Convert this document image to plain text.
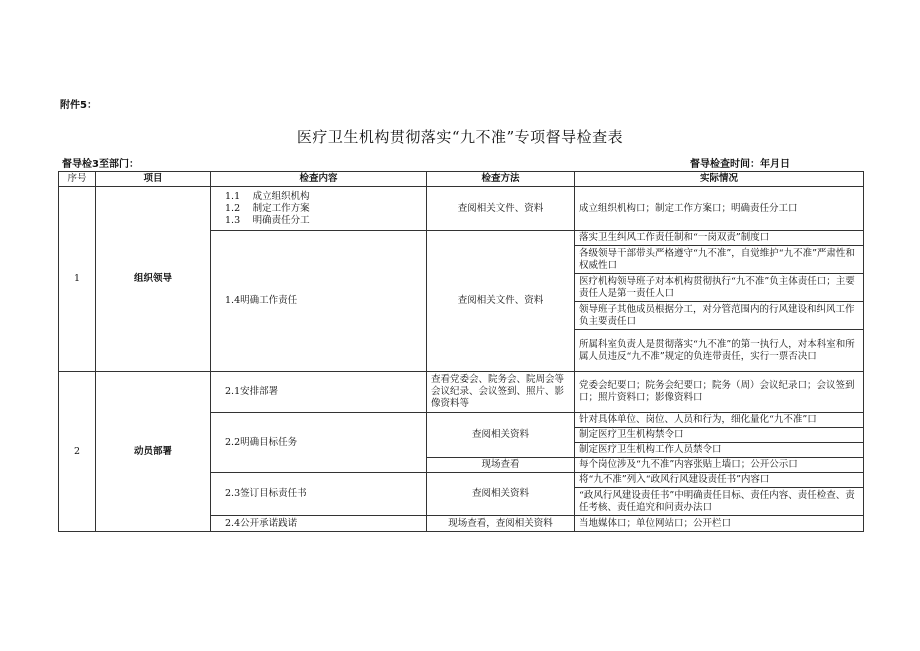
附件5：
医疗卫生机构贯彻落实“九不准”专项督导检查表
督导检3至部门：	督导检查时间：年月日
序号	项目	检查内容	检查方法	实际情况
1	组织领导	1.1　 成立组织机构
1.2　 制定工作方案
1.3　 明确责任分工	查阅相关文件、资料	成立组织机构口；制定工作方案口；明确责任分工口
		1.4明确工作责任	查阅相关文件、资料	落实卫生纠风工作责任制和“一岗双责”制度口
				各级领导干部带头严格遵守“九不准”，自觉维护“九不准”严肃性和权威性口
				医疗机构领导班子对本机构贯彻执行“九不准”负主体责任口；主要责任人是第一责任人口
				领导班子其他成员根据分工，对分管范围内的行风建设和纠风工作负主要责任口
				所属科室负责人是贯彻落实“九不准”的第一执行人，对本科室和所属人员违反“九不准”规定的负连带责任，实行一票否决口
2	动员部署	2.1安排部署	查看党委会、院务会、院周会等会议纪录、会议签到、照片、影像资料等	党委会纪要口；院务会纪要口；院务（周）会议纪录口；会议签到口；照片资料口；影像资料口
		2.2明确目标任务	查阅相关资料	针对具体单位、岗位、人员和行为，细化量化“九不准”口
				制定医疗卫生机构禁令口
				制定医疗卫生机构工作人员禁令口
			现场查看	每个岗位涉及“九不准”内容张贴上墙口；公开公示口
		2.3签订目标责任书	查阅相关资料	将“九不准”列入“政风行风建设责任书”内容口
				“政风行风建设责任书”中明确责任目标、责任内容、责任检查、责任考核、责任追究和问责办法口
		2.4公开承诺践诺	现场查看，查阅相关资料	当地媒体口；单位网站口；公开栏口
